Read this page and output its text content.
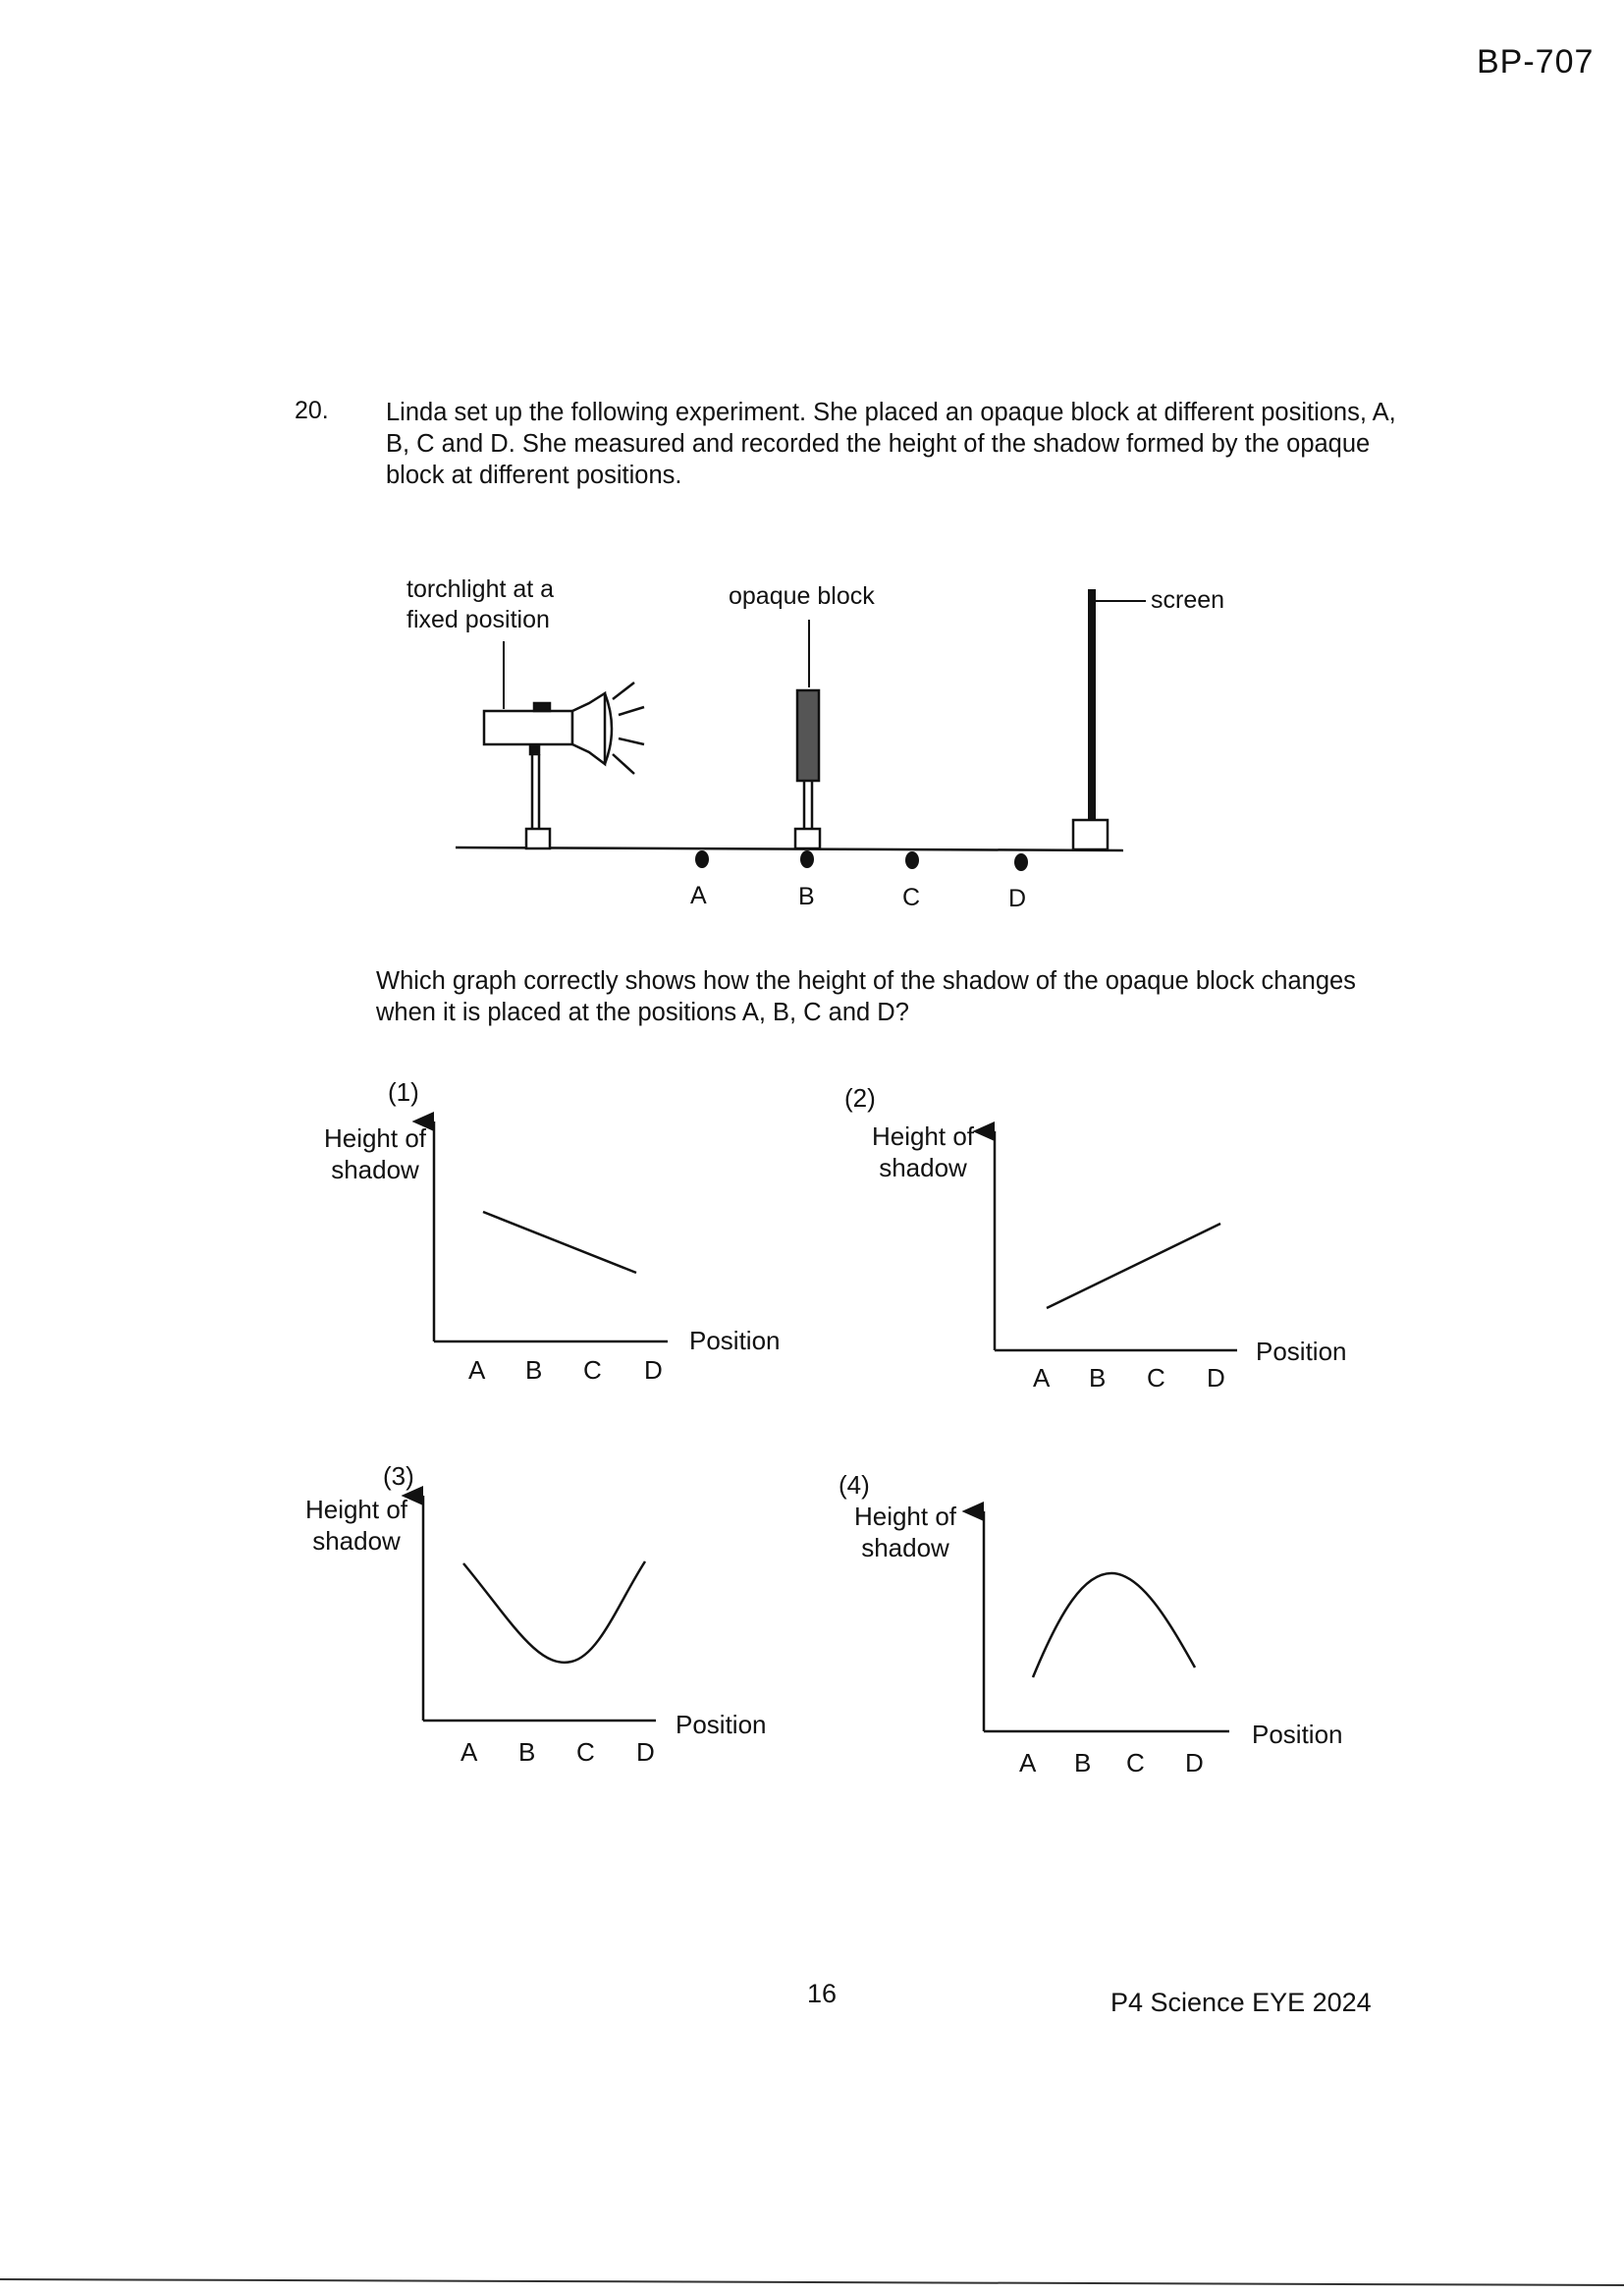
BP-707
20. Linda set up the following experiment. She placed an opaque block at different positions, A, B, C and D. She measured and recorded the height of the shadow formed by the opaque block at different positions.
torchlight at a
fixed position
opaque block	screen
A	B	C	D
Which graph correctly shows how the height of the shadow of the opaque block changes when it is placed at the positions A, B, C and D?
(1)
Height of
shadow
Position
A B C D
(2)
Height of
shadow
Position
A B C D
(3)
Height of
shadow
Position
A B C D
(4)
Height of
shadow
Position
A B C D
16	P4 Science EYE 2024
